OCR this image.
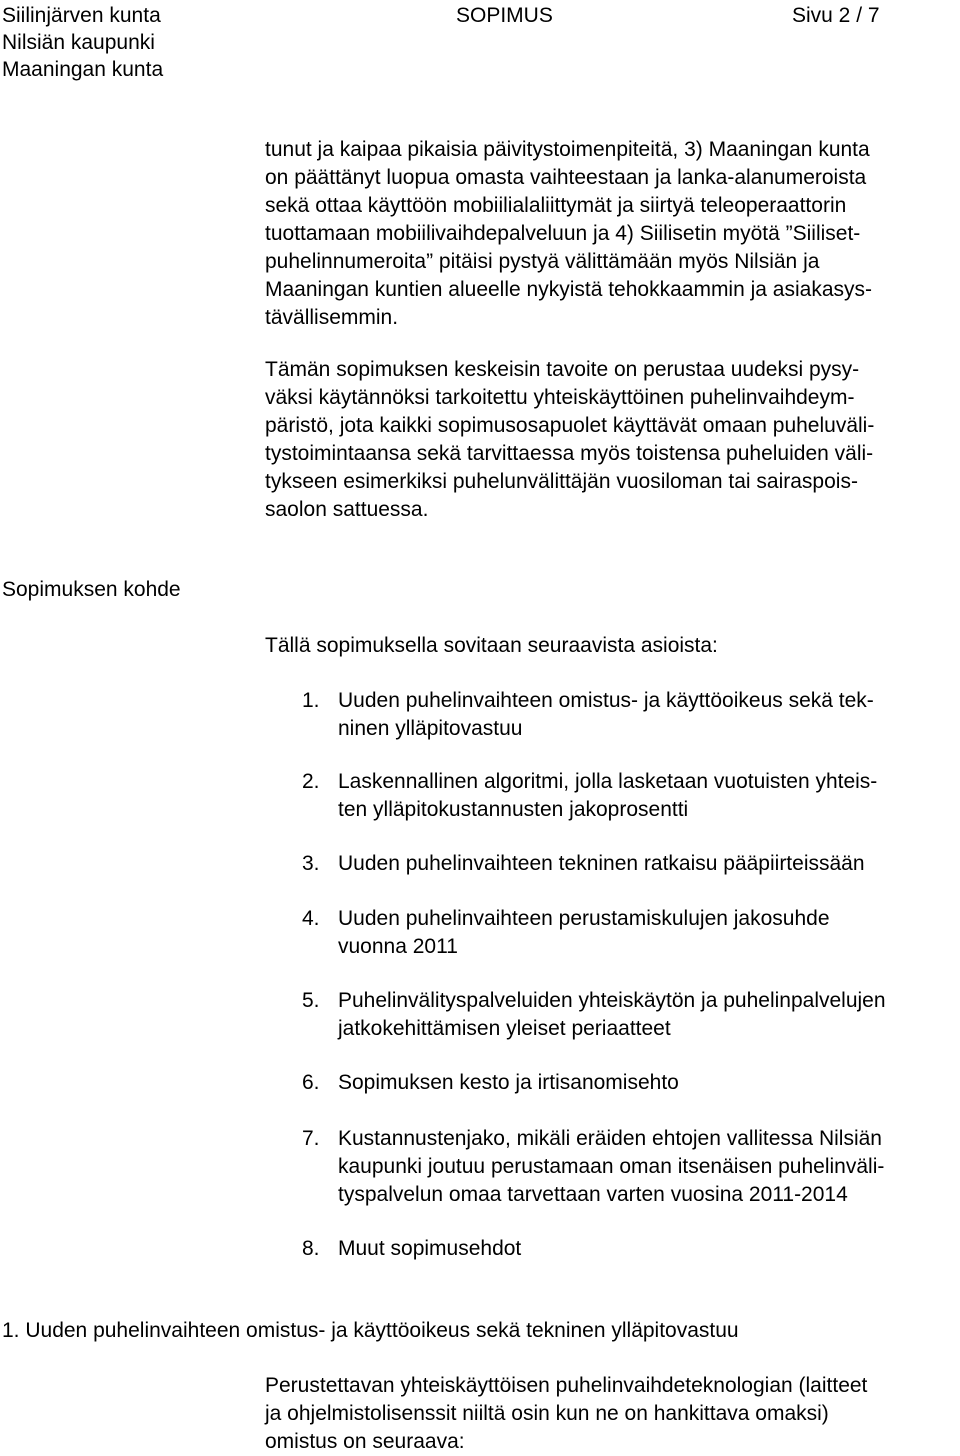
Siilinjärven kunta
Nilsiän kaupunki
Maaningan kunta
SOPIMUS	Sivu 2 / 7
tunut ja kaipaa pikaisia päivitystoimenpiteitä, 3) Maaningan kunta
on päättänyt luopua omasta vaihteestaan ja lanka-alanumeroista
sekä ottaa käyttöön mobiilialaliittymät ja siirtyä teleoperaattorin
tuottamaan mobiilivaihdepalveluun ja 4) Siilisetin myötä ”Siiliset-
puhelinnumeroita” pitäisi pystyä välittämään myös Nilsiän ja
Maaningan kuntien alueelle nykyistä tehokkaammin ja asiakasys-
tävällisemmin.
Tämän sopimuksen keskeisin tavoite on perustaa uudeksi pysy-
väksi käytännöksi tarkoitettu yhteiskäyttöinen puhelinvaihdeym-
päristö, jota kaikki sopimusosapuolet käyttävät omaan puheluväli-
tystoimintaansa sekä tarvittaessa myös toistensa puheluiden väli-
tykseen esimerkiksi puhelunvälittäjän vuosiloman tai sairaspois-
saolon sattuessa.
Sopimuksen kohde
Tällä sopimuksella sovitaan seuraavista asioista:
1. Uuden puhelinvaihteen omistus- ja käyttöoikeus sekä tek-
ninen ylläpitovastuu
2. Laskennallinen algoritmi, jolla lasketaan vuotuisten yhteis-
ten ylläpitokustannusten jakoprosentti
3. Uuden puhelinvaihteen tekninen ratkaisu pääpiirteissään
4. Uuden puhelinvaihteen perustamiskulujen jakosuhde
vuonna 2011
5. Puhelinvälityspalveluiden yhteiskäytön ja puhelinpalvelujen
jatkokehittämisen yleiset periaatteet
6. Sopimuksen kesto ja irtisanomisehto
7. Kustannustenjako, mikäli eräiden ehtojen vallitessa Nilsiän
kaupunki joutuu perustamaan oman itsenäisen puhelinväli-
tyspalvelun omaa tarvettaan varten vuosina 2011-2014
8. Muut sopimusehdot
1. Uuden puhelinvaihteen omistus- ja käyttöoikeus sekä tekninen ylläpitovastuu
Perustettavan yhteiskäyttöisen puhelinvaihdeteknologian (laitteet
ja ohjelmistolisenssit niiltä osin kun ne on hankittava omaksi)
omistus on seuraava:
